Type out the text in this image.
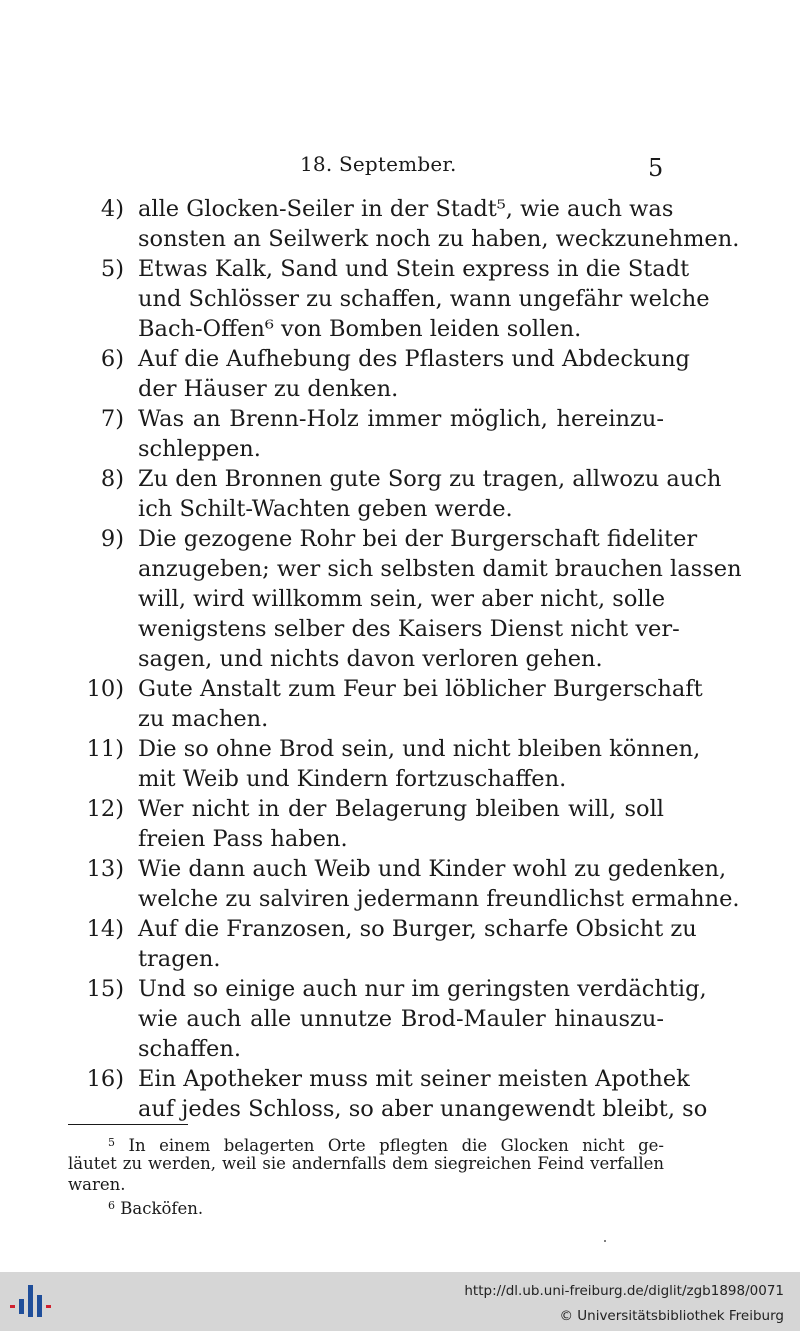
18. September.	5
4) alle Glocken-Seiler in der Stadt⁵, wie auch was
sonsten an Seilwerk noch zu haben, weckzunehmen.
5) Etwas Kalk, Sand und Stein express in die Stadt
und Schlösser zu schaffen, wann ungefähr welche
Bach-Offen⁶ von Bomben leiden sollen.
6) Auf die Aufhebung des Pflasters und Abdeckung
der Häuser zu denken.
7) Was an Brenn-Holz immer möglich, hereinzu-
schleppen.
8) Zu den Bronnen gute Sorg zu tragen, allwozu auch
ich Schilt-Wachten geben werde.
9) Die gezogene Rohr bei der Burgerschaft fideliter
anzugeben; wer sich selbsten damit brauchen lassen
will, wird willkomm sein, wer aber nicht, solle
wenigstens selber des Kaisers Dienst nicht ver-
sagen, und nichts davon verloren gehen.
10) Gute Anstalt zum Feur bei löblicher Burgerschaft
zu machen.
11) Die so ohne Brod sein, und nicht bleiben können,
mit Weib und Kindern fortzuschaffen.
12) Wer nicht in der Belagerung bleiben will, soll
freien Pass haben.
13) Wie dann auch Weib und Kinder wohl zu gedenken,
welche zu salviren jedermann freundlichst ermahne.
14) Auf die Franzosen, so Burger, scharfe Obsicht zu
tragen.
15) Und so einige auch nur im geringsten verdächtig,
wie auch alle unnutze Brod-Mauler hinauszu-
schaffen.
16) Ein Apotheker muss mit seiner meisten Apothek
auf jedes Schloss, so aber unangewendt bleibt, so
$^5$ In einem belagerten Orte pflegten die Glocken nicht ge-
läutet zu werden, weil sie andernfalls dem siegreichen Feind verfallen
waren.
$^6$ Backöfen.
http://dl.ub.uni-freiburg.de/diglit/zgb1898/0071
© Universitätsbibliothek Freiburg
